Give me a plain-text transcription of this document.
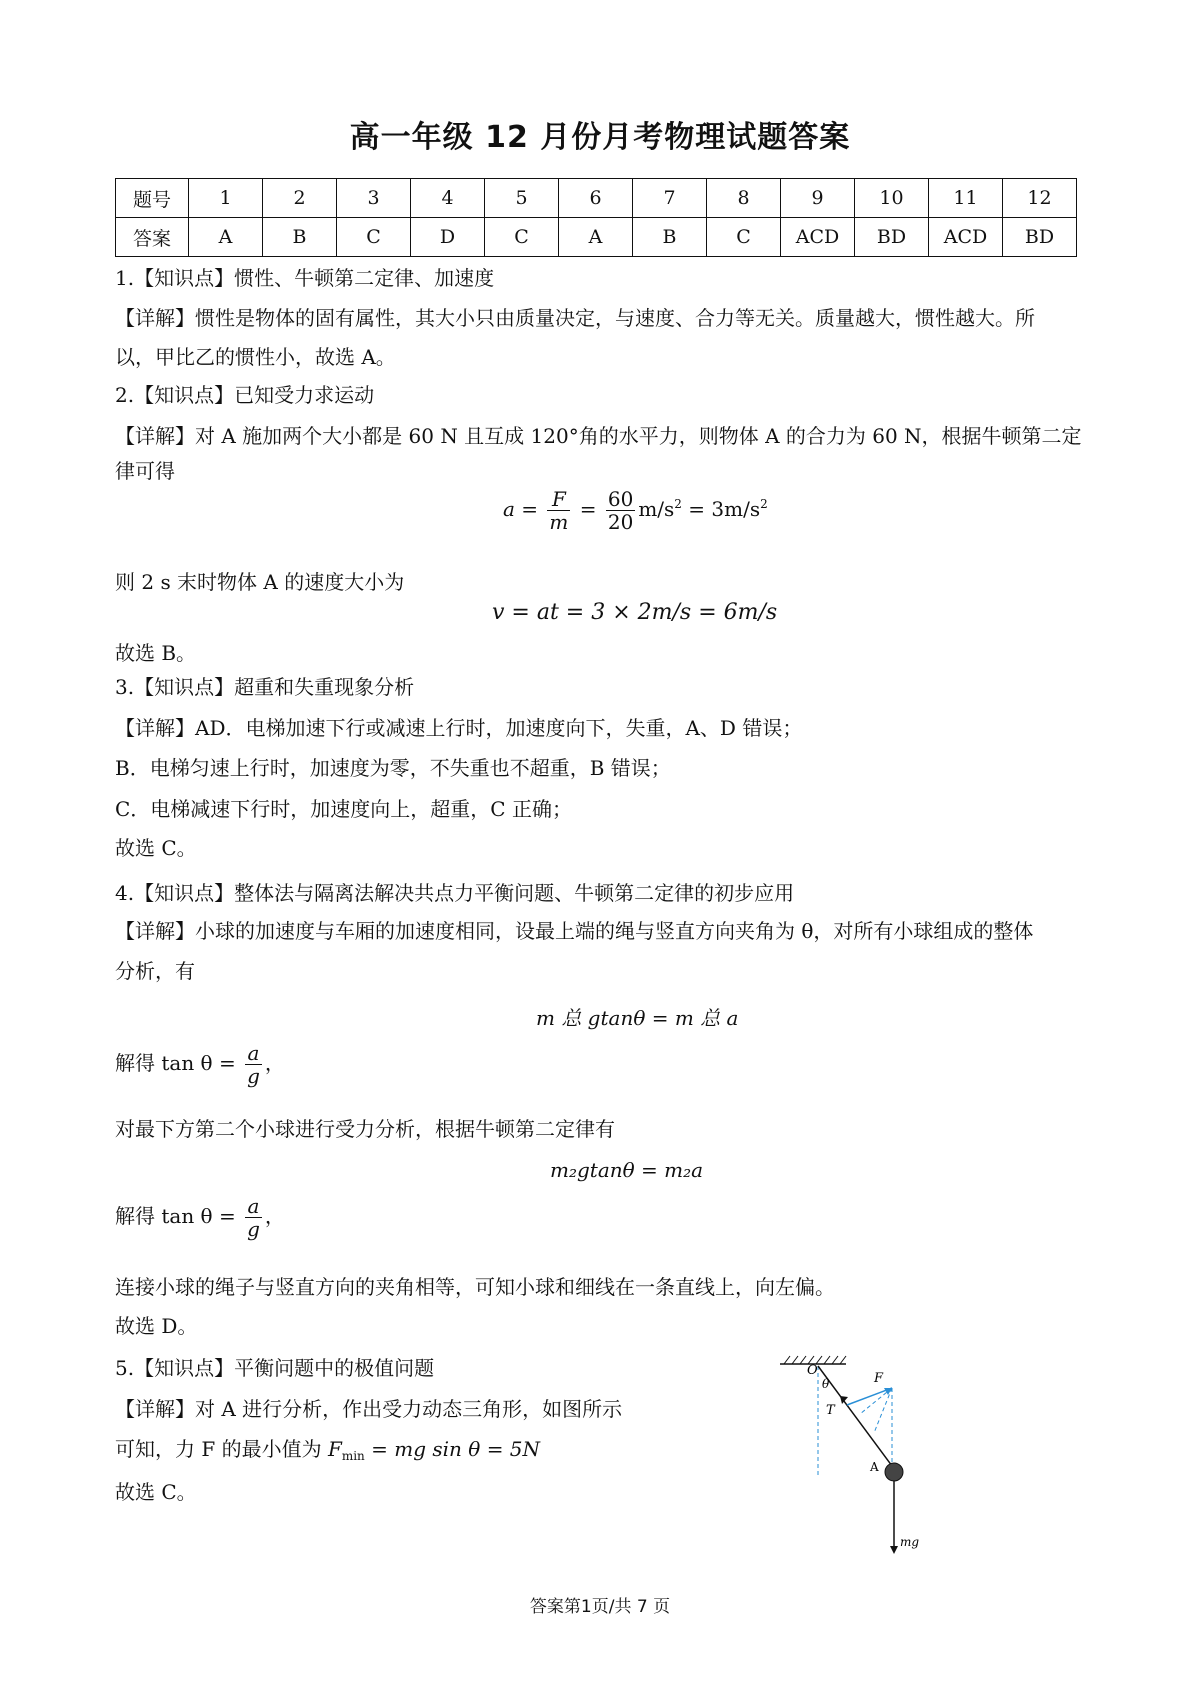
高一年级 12 月份月考物理试题答案
题号	1	2	3	4	5	6	7	8	9	10	11	12
答案	A	B	C	D	C	A	B	C	ACD	BD	ACD	BD
1.【知识点】惯性、牛顿第二定律、加速度
【详解】惯性是物体的固有属性，其大小只由质量决定，与速度、合力等无关。质量越大，惯性越大。所
以，甲比乙的惯性小，故选 A。
2.【知识点】已知受力求运动
【详解】对 A 施加两个大小都是 60 N 且互成 120°角的水平力，则物体 A 的合力为 60 N，根据牛顿第二定
律可得
$a = \frac{F}{m} = \frac{60}{20} m/s^2 = 3m/s^2$
则 2 s 末时物体 A 的速度大小为
v = at = 3 × 2m/s = 6m/s
故选 B。
3.【知识点】超重和失重现象分析
【详解】AD．电梯加速下行或减速上行时，加速度向下，失重，A、D 错误；
B．电梯匀速上行时，加速度为零，不失重也不超重，B 错误；
C．电梯减速下行时，加速度向上，超重，C 正确；
故选 C。
4.【知识点】整体法与隔离法解决共点力平衡问题、牛顿第二定律的初步应用
【详解】小球的加速度与车厢的加速度相同，设最上端的绳与竖直方向夹角为 θ，对所有小球组成的整体
分析，有
m 总 gtanθ = m 总 a
解得 $\tan \theta = \frac{a}{g}$ ，
对最下方第二个小球进行受力分析，根据牛顿第二定律有
m₂gtanθ = m₂a
解得 $\tan \theta = \frac{a}{g}$ ，
连接小球的绳子与竖直方向的夹角相等，可知小球和细线在一条直线上，向左偏。
故选 D。
5.【知识点】平衡问题中的极值问题
【详解】对 A 进行分析，作出受力动态三角形，如图所示
可知，力 F 的最小值为 $F_{min}$ = mg sin θ = 5N
故选 C。
O
θ	F
T
A
mg
答案第1页/共 7 页
